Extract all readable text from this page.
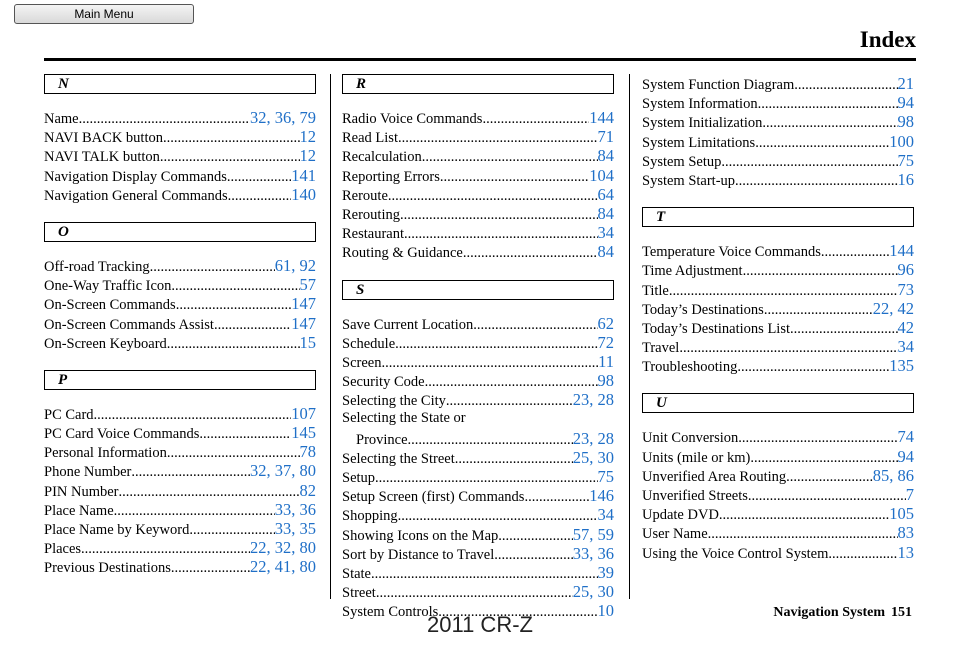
Main Menu
Index
N
Name .....	32, 36, 79
NAVI BACK button .....	12
NAVI TALK button .....	12
Navigation Display Commands .....	141
Navigation General Commands .....	140
O
Off-road Tracking .....	61, 92
One-Way Traffic Icon .....	57
On-Screen Commands .....	147
On-Screen Commands Assist .....	147
On-Screen Keyboard .....	15
P
PC Card .....	107
PC Card Voice Commands .....	145
Personal Information .....	78
Phone Number .....	32, 37, 80
PIN Number .....	82
Place Name .....	33, 36
Place Name by Keyword .....	33, 35
Places .....	22, 32, 80
Previous Destinations .....	22, 41, 80
R
Radio Voice Commands .....	144
Read List .....	71
Recalculation .....	84
Reporting Errors .....	104
Reroute .....	64
Rerouting .....	84
Restaurant .....	34
Routing & Guidance .....	84
S
Save Current Location .....	62
Schedule .....	72
Screen .....	11
Security Code .....	98
Selecting the City .....	23, 28
Selecting the State or
Province .....	23, 28
Selecting the Street .....	25, 30
Setup .....	75
Setup Screen (first) Commands .....	146
Shopping .....	34
Showing Icons on the Map .....	57, 59
Sort by Distance to Travel .....	33, 36
State .....	39
Street .....	25, 30
System Controls .....	10
System Function Diagram .....	21
System Information .....	94
System Initialization .....	98
System Limitations .....	100
System Setup .....	75
System Start-up .....	16
T
Temperature Voice Commands .....	144
Time Adjustment .....	96
Title .....	73
Today’s Destinations .....	22, 42
Today’s Destinations List .....	42
Travel .....	34
Troubleshooting .....	135
U
Unit Conversion .....	74
Units (mile or km) .....	94
Unverified Area Routing .....	85, 86
Unverified Streets .....	7
Update DVD .....	105
User Name .....	83
Using the Voice Control System .....	13
Navigation System 151
2011 CR-Z
